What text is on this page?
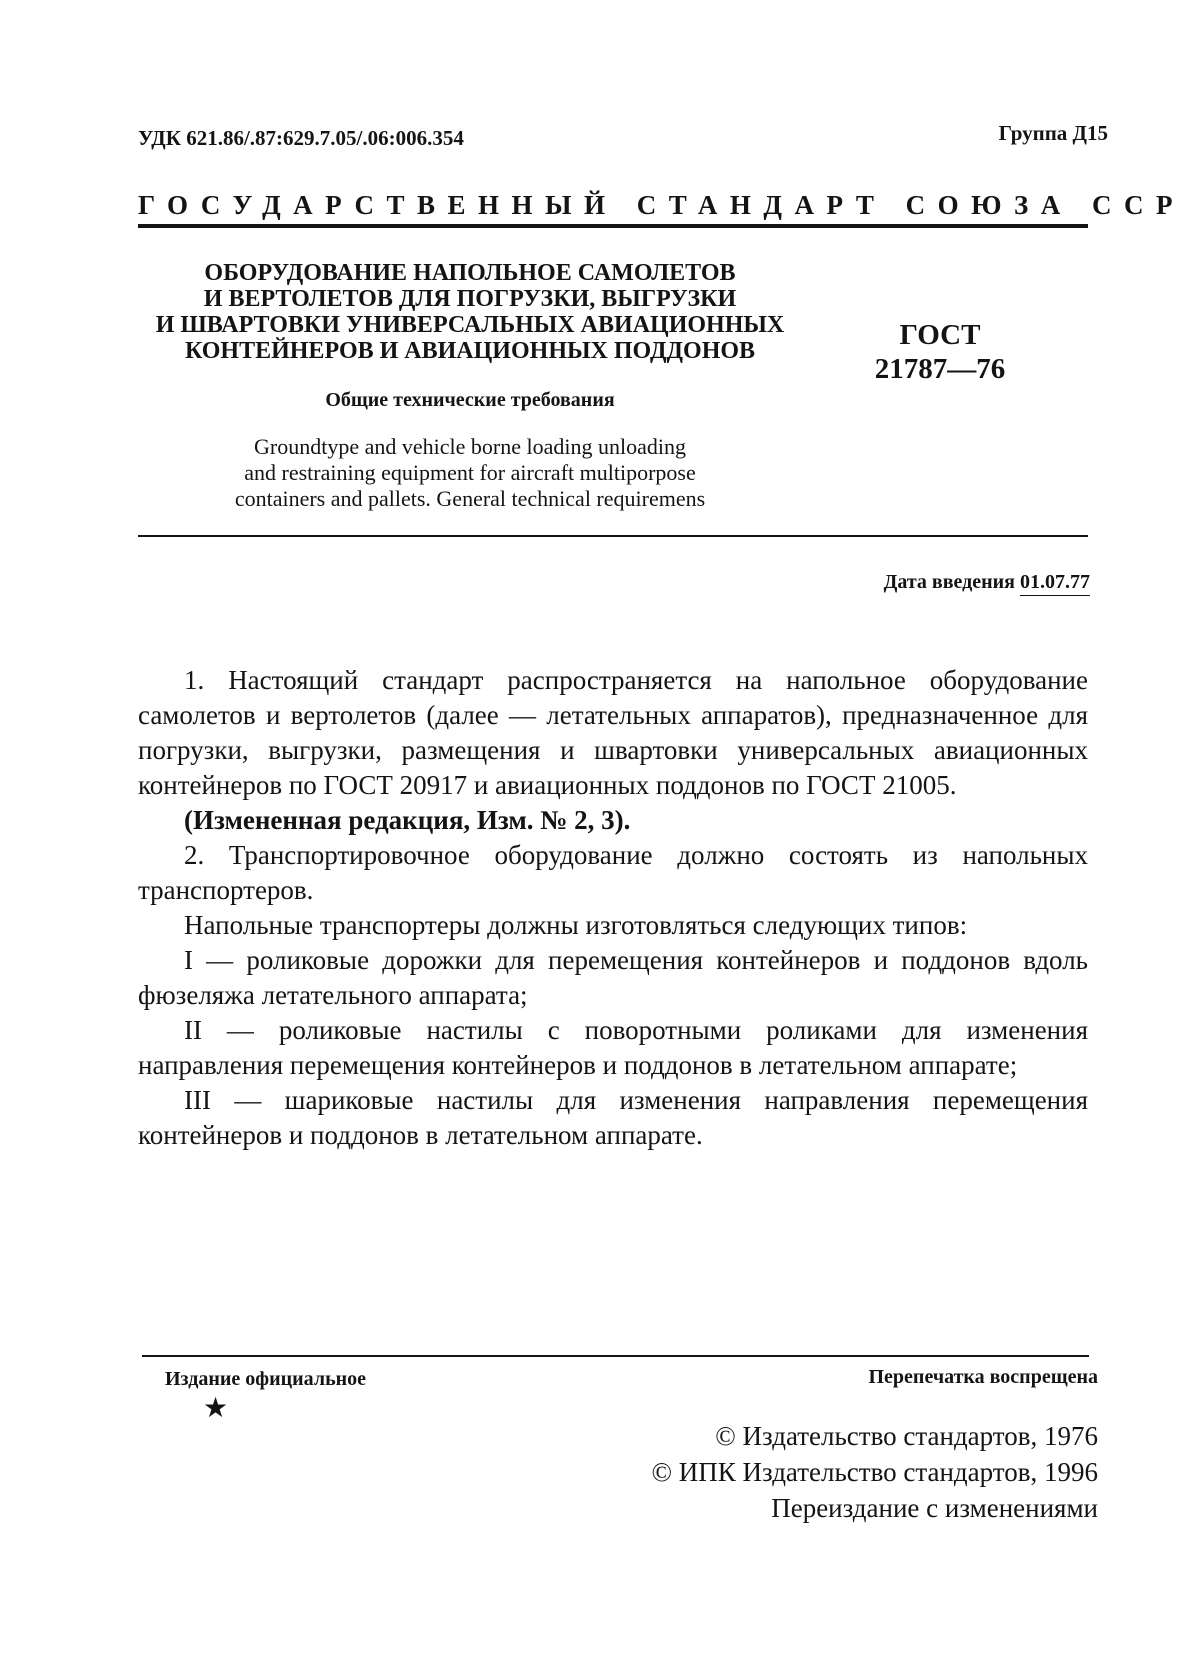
УДК 621.86/.87:629.7.05/.06:006.354	Группа Д15
ГОСУДАРСТВЕННЫЙ СТАНДАРТ СОЮЗА ССР
ОБОРУДОВАНИЕ НАПОЛЬНОЕ САМОЛЕТОВ
И ВЕРТОЛЕТОВ ДЛЯ ПОГРУЗКИ, ВЫГРУЗКИ
И ШВАРТОВКИ УНИВЕРСАЛЬНЫХ АВИАЦИОННЫХ
КОНТЕЙНЕРОВ И АВИАЦИОННЫХ ПОДДОНОВ	ГОСТ
21787—76
Общие технические требования
Groundtype and vehicle borne loading unloading
and restraining equipment for aircraft multiporpose
containers and pallets. General technical requiremens
Дата введения 01.07.77

1. Настоящий стандарт распространяется на напольное оборудование самолетов и вертолетов (далее — летательных аппаратов), предназначенное для погрузки, выгрузки, размещения и швартовки универсальных авиационных контейнеров по ГОСТ 20917 и авиационных поддонов по ГОСТ 21005.

(Измененная редакция, Изм. № 2, 3).

2. Транспортировочное оборудование должно состоять из напольных транспортеров.

Напольные транспортеры должны изготовляться следующих типов:

I — роликовые дорожки для перемещения контейнеров и поддонов вдоль фюзеляжа летательного аппарата;

II — роликовые настилы с поворотными роликами для изменения направления перемещения контейнеров и поддонов в летательном аппарате;

III — шариковые настилы для изменения направления перемещения контейнеров и поддонов в летательном аппарате.

Издание официальное
★
Перепечатка воспрещена
© Издательство стандартов, 1976
© ИПК Издательство стандартов, 1996
Переиздание с изменениями
